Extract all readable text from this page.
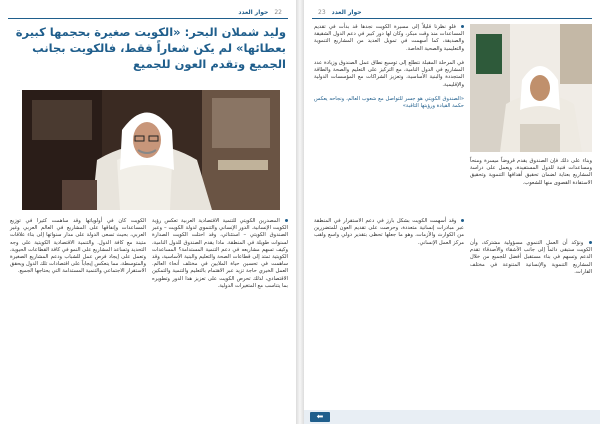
حوار العدد 22
وليد شملان البحر: «الكويت صغيرة بحجمها كبيرة بعطائها» لم يكن شعاراً فقط، فالكويت بجانب الجميع وتقدم العون للجميع
المصدرين الكويتي للتنمية الاقتصادية العربية تعكس رؤية الكويت الإنسانية. الدور الإنساني والتنموي لدولة الكويت – وعبر الصندوق الكويتي – استثنائي، وقد احتلت الكويت الصدارة لسنوات طويلة في المنطقة. ماذا يقدم الصندوق للدول النامية، وكيف تسهم مشاريعه في دعم التنمية المستدامة؟ المساعدات الكويتية تمتد إلى قطاعات الصحة والتعليم والبنية الأساسية، وقد ساهمت في تحسين حياة الملايين في مختلف أنحاء العالم. العمل الخيري حاجة تزيد عبر الاهتمام بالتعليم والتنمية والتمكين الاقتصادي، لذلك تحرص الكويت على تعزيز هذا الدور وتطويره بما يتناسب مع المتغيرات الدولية.
الكويت كان في أولوياتها وقد ساهمت كثيرا في توزيع المساعدات وإنفاقها على المشاريع في العالم العربي وغير العربي، بحيث تسعى الدولة على مدار سنواتها إلى بناء علاقات متينة مع كافة الدول. والتنمية الاقتصادية الكويتية على وجه التحديد وتساعد المشاريع على النمو في كافة القطاعات الحيوية، وتعمل على إيجاد فرص عمل للشباب ودعم المشاريع الصغيرة والمتوسطة، مما ينعكس إيجاباً على اقتصادات تلك الدول ويحقق الاستقرار الاجتماعي والتنمية المستدامة التي يحتاجها الجميع.
23 حوار العدد
فلو نظرنا قليلاً إلى مسيرة الكويت نجدها قد بدأت في تقديم المساعدات منذ وقت مبكر، وكان لها دور كبير في دعم الدول الشقيقة والصديقة، كما أسهمت في تمويل العديد من المشاريع التنموية والتعليمية والصحية الخاصة.

في المرحلة المقبلة نتطلع إلى توسيع نطاق عمل الصندوق وزيادة عدد المشاريع في الدول النامية، مع التركيز على التعليم والصحة والطاقة المتجددة والبنية الأساسية، وتعزيز الشراكات مع المؤسسات الدولية والإقليمية.

«الصندوق الكويتي هو جسر للتواصل مع شعوب العالم، ونجاحه يعكس حكمة القيادة ورؤيتها الثاقبة»
وبناء على ذلك فإن الصندوق يقدم قروضاً ميسرة ومنحاً ومساعدات فنية للدول المستفيدة، ويعمل على دراسة المشاريع بعناية لضمان تحقيق أهدافها التنموية وتحقيق الاستفادة القصوى منها للشعوب.
وقد أسهمت الكويت بشكل بارز في دعم الاستقرار في المنطقة عبر مبادرات إنسانية متعددة، وحرصت على تقديم العون للمتضررين من الكوارث والأزمات، وهو ما جعلها تحظى بتقدير دولي واسع ولقب مركز العمل الإنساني. ونؤكد أن العمل التنموي مسؤولية مشتركة، وأن الكويت ستبقى دائماً إلى جانب الأشقاء والأصدقاء تقدم الدعم وتسهم في بناء مستقبل أفضل للجميع من خلال المشاريع التنموية والإنسانية المتنوعة في مختلف القارات.
⬅
